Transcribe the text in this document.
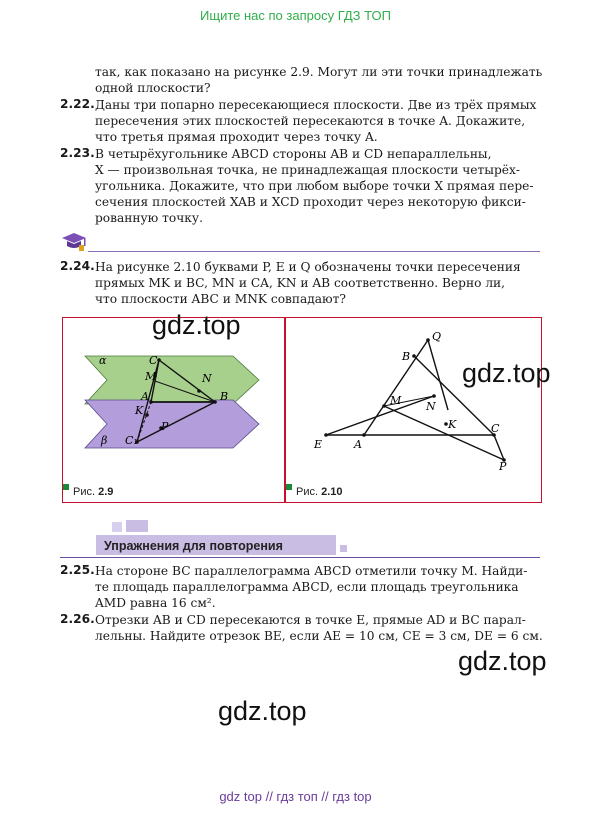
Ищите нас по запросу ГДЗ ТОП
так, как показано на рисунке 2.9. Могут ли эти точки принадлежать
одной плоскости?
2.22. Даны три попарно пересекающиеся плоскости. Две из трёх прямых
пересечения этих плоскостей пересекаются в точке A. Докажите,
что третья прямая проходит через точку A.
2.23. В четырёхугольнике ABCD стороны AB и CD непараллельны,
X — произвольная точка, не принадлежащая плоскости четырёх-
угольника. Докажите, что при любом выборе точки X прямая пере-
сечения плоскостей XAB и XCD проходит через некоторую фикси-
рованную точку.
2.24. На рисунке 2.10 буквами P, E и Q обозначены точки пересечения
прямых MK и BC, MN и CA, KN и AB соответственно. Верно ли,
что плоскости ABC и MNK совпадают?
α
β
C
M	N
A	B
K
P
C₁
Рис. 2.9
Q
B
M N
K	C
E	A
P
Рис. 2.10
Упражнения для повторения
2.25. На стороне BC параллелограмма ABCD отметили точку M. Найди-
те площадь параллелограмма ABCD, если площадь треугольника
AMD равна 16 см².
2.26. Отрезки AB и CD пересекаются в точке E, прямые AD и BC парал-
лельны. Найдите отрезок BE, если AE = 10 см, CE = 3 см, DE = 6 см.
gdz.top
gdz.top
gdz.top
gdz.top
gdz top // гдз топ // гдз top
